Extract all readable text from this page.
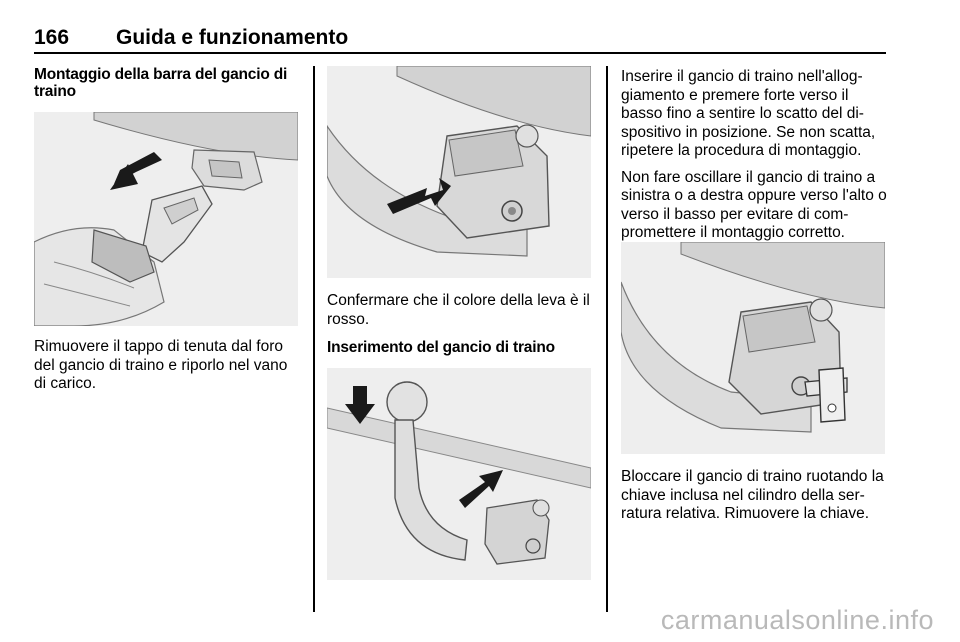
166 Guida e funzionamento
Montaggio della barra del gancio di traino

Rimuovere il tappo di tenuta dal foro del gancio di traino e riporlo nel vano di carico.

Confermare che il colore della leva è il rosso.

Inserimento del gancio di traino

Inserire il gancio di traino nell'allog-giamento e premere forte verso il basso fino a sentire lo scatto del di-spositivo in posizione. Se non scatta, ripetere la procedura di montaggio.

Non fare oscillare il gancio di traino a sinistra o a destra oppure verso l'alto o verso il basso per evitare di com-promettere il montaggio corretto.

Bloccare il gancio di traino ruotando la chiave inclusa nel cilindro della ser-ratura relativa. Rimuovere la chiave.

carmanualsonline.info
